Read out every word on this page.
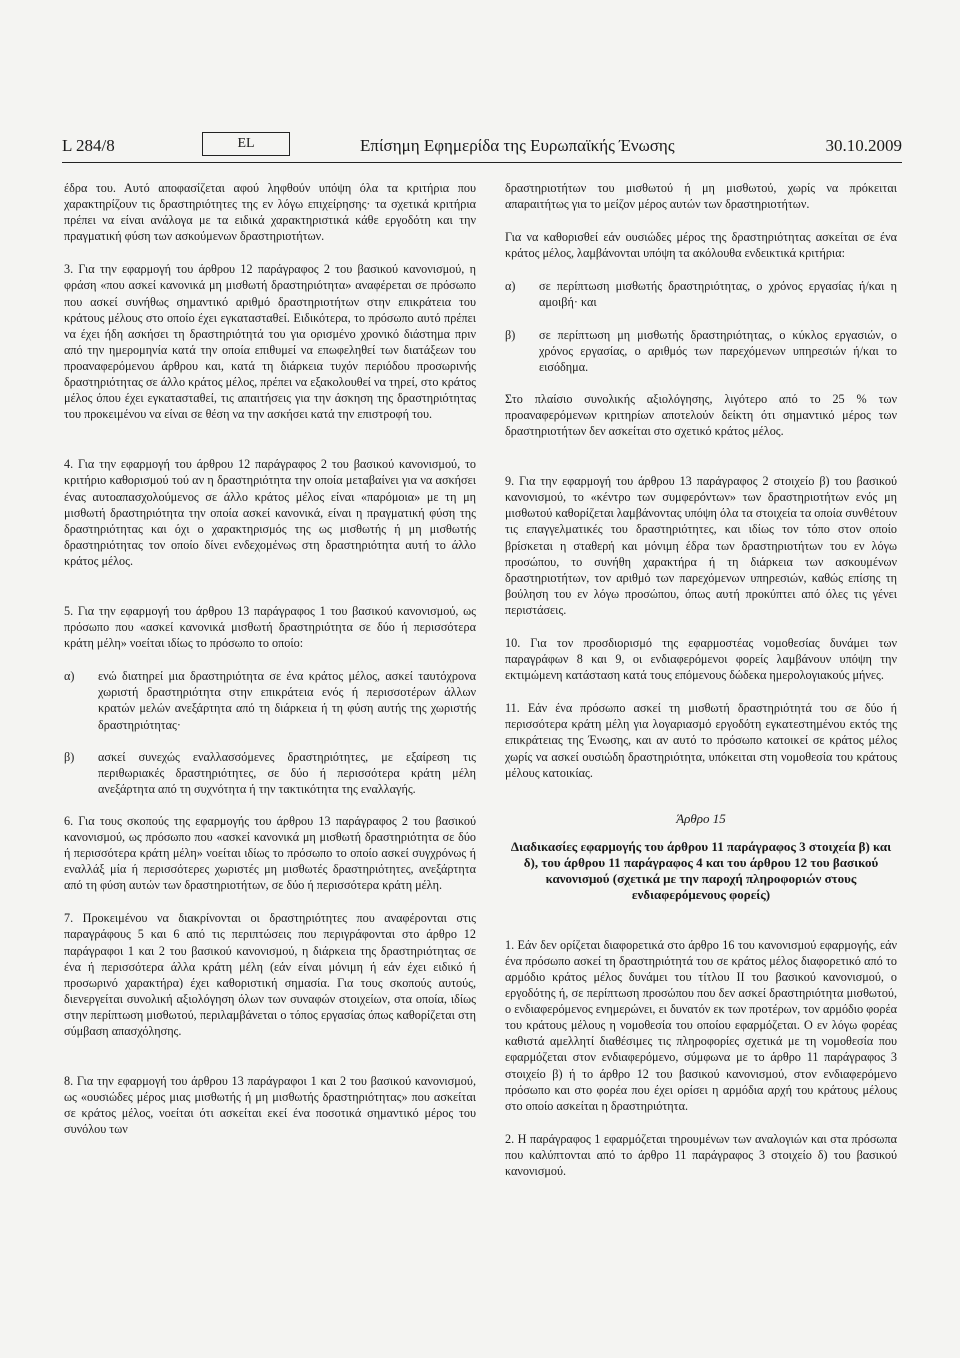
L 284/8	EL	Επίσημη Εφημερίδα της Ευρωπαϊκής Ένωσης	30.10.2009

έδρα του. Αυτό αποφασίζεται αφού ληφθούν υπόψη όλα τα κριτήρια που χαρακτηρίζουν τις δραστηριότητες της εν λόγω επιχείρησης· τα σχετικά κριτήρια πρέπει να είναι ανάλογα με τα ειδικά χαρακτηριστικά κάθε εργοδότη και την πραγματική φύση των ασκούμενων δραστηριοτήτων.

3. Για την εφαρμογή του άρθρου 12 παράγραφος 2 του βασικού κανονισμού, η φράση «που ασκεί κανονικά μη μισθωτή δραστηριότητα» αναφέρεται σε πρόσωπο που ασκεί συνήθως σημαντικό αριθμό δραστηριοτήτων στην επικράτεια του κράτους μέλους στο οποίο έχει εγκατασταθεί. Ειδικότερα, το πρόσωπο αυτό πρέπει να έχει ήδη ασκήσει τη δραστηριότητά του για ορισμένο χρονικό διάστημα πριν από την ημερομηνία κατά την οποία επιθυμεί να επωφεληθεί των διατάξεων του προαναφερόμενου άρθρου και, κατά τη διάρκεια τυχόν περιόδου προσωρινής δραστηριότητας σε άλλο κράτος μέλος, πρέπει να εξακολουθεί να τηρεί, στο κράτος μέλος όπου έχει εγκατασταθεί, τις απαιτήσεις για την άσκηση της δραστηριότητας του προκειμένου να είναι σε θέση να την ασκήσει κατά την επιστροφή του.

4. Για την εφαρμογή του άρθρου 12 παράγραφος 2 του βασικού κανονισμού, το κριτήριο καθορισμού τού αν η δραστηριότητα την οποία μεταβαίνει για να ασκήσει ένας αυτοαπασχολούμενος σε άλλο κράτος μέλος είναι «παρόμοια» με τη μη μισθωτή δραστηριότητα την οποία ασκεί κανονικά, είναι η πραγματική φύση της δραστηριότητας και όχι ο χαρακτηρισμός της ως μισθωτής ή μη μισθωτής δραστηριότητας τον οποίο δίνει ενδεχομένως στη δραστηριότητα αυτή το άλλο κράτος μέλος.

5. Για την εφαρμογή του άρθρου 13 παράγραφος 1 του βασικού κανονισμού, ως πρόσωπο που «ασκεί κανονικά μισθωτή δραστηριότητα σε δύο ή περισσότερα κράτη μέλη» νοείται ιδίως το πρόσωπο το οποίο:

α)	ενώ διατηρεί μια δραστηριότητα σε ένα κράτος μέλος, ασκεί ταυτόχρονα χωριστή δραστηριότητα στην επικράτεια ενός ή περισσοτέρων άλλων κρατών μελών ανεξάρτητα από τη διάρκεια ή τη φύση αυτής της χωριστής δραστηριότητας·
β)	ασκεί συνεχώς εναλλασσόμενες δραστηριότητες, με εξαίρεση τις περιθωριακές δραστηριότητες, σε δύο ή περισσότερα κράτη μέλη ανεξάρτητα από τη συχνότητα ή την τακτικότητα της εναλλαγής.

6. Για τους σκοπούς της εφαρμογής του άρθρου 13 παράγραφος 2 του βασικού κανονισμού, ως πρόσωπο που «ασκεί κανονικά μη μισθωτή δραστηριότητα σε δύο ή περισσότερα κράτη μέλη» νοείται ιδίως το πρόσωπο το οποίο ασκεί συγχρόνως ή εναλλάξ μία ή περισσότερες χωριστές μη μισθωτές δραστηριότητες, ανεξάρτητα από τη φύση αυτών των δραστηριοτήτων, σε δύο ή περισσότερα κράτη μέλη.

7. Προκειμένου να διακρίνονται οι δραστηριότητες που αναφέρονται στις παραγράφους 5 και 6 από τις περιπτώσεις που περιγράφονται στο άρθρο 12 παράγραφοι 1 και 2 του βασικού κανονισμού, η διάρκεια της δραστηριότητας σε ένα ή περισσότερα άλλα κράτη μέλη (εάν είναι μόνιμη ή εάν έχει ειδικό ή προσωρινό χαρακτήρα) έχει καθοριστική σημασία. Για τους σκοπούς αυτούς, διενεργείται συνολική αξιολόγηση όλων των συναφών στοιχείων, στα οποία, ιδίως στην περίπτωση μισθωτού, περιλαμβάνεται ο τόπος εργασίας όπως καθορίζεται στη σύμβαση απασχόλησης.

8. Για την εφαρμογή του άρθρου 13 παράγραφοι 1 και 2 του βασικού κανονισμού, ως «ουσιώδες μέρος μιας μισθωτής ή μη μισθωτής δραστηριότητας» που ασκείται σε κράτος μέλος, νοείται ότι ασκείται εκεί ένα ποσοτικά σημαντικό μέρος του συνόλου των

δραστηριοτήτων του μισθωτού ή μη μισθωτού, χωρίς να πρόκειται απαραιτήτως για το μείζον μέρος αυτών των δραστηριοτήτων.

Για να καθορισθεί εάν ουσιώδες μέρος της δραστηριότητας ασκείται σε ένα κράτος μέλος, λαμβάνονται υπόψη τα ακόλουθα ενδεικτικά κριτήρια:

α)	σε περίπτωση μισθωτής δραστηριότητας, ο χρόνος εργασίας ή/και η αμοιβή· και
β)	σε περίπτωση μη μισθωτής δραστηριότητας, ο κύκλος εργασιών, ο χρόνος εργασίας, ο αριθμός των παρεχόμενων υπηρεσιών ή/και το εισόδημα.

Στο πλαίσιο συνολικής αξιολόγησης, λιγότερο από το 25 % των προαναφερόμενων κριτηρίων αποτελούν δείκτη ότι σημαντικό μέρος των δραστηριοτήτων δεν ασκείται στο σχετικό κράτος μέλος.

9. Για την εφαρμογή του άρθρου 13 παράγραφος 2 στοιχείο β) του βασικού κανονισμού, το «κέντρο των συμφερόντων» των δραστηριοτήτων ενός μη μισθωτού καθορίζεται λαμβάνοντας υπόψη όλα τα στοιχεία τα οποία συνθέτουν τις επαγγελματικές του δραστηριότητες, και ιδίως τον τόπο στον οποίο βρίσκεται η σταθερή και μόνιμη έδρα των δραστηριοτήτων του εν λόγω προσώπου, το συνήθη χαρακτήρα ή τη διάρκεια των ασκουμένων δραστηριοτήτων, τον αριθμό των παρεχόμενων υπηρεσιών, καθώς επίσης τη βούληση του εν λόγω προσώπου, όπως αυτή προκύπτει από όλες τις γένει περιστάσεις.

10. Για τον προσδιορισμό της εφαρμοστέας νομοθεσίας δυνάμει των παραγράφων 8 και 9, οι ενδιαφερόμενοι φορείς λαμβάνουν υπόψη την εκτιμώμενη κατάσταση κατά τους επόμενους δώδεκα ημερολογιακούς μήνες.

11. Εάν ένα πρόσωπο ασκεί τη μισθωτή δραστηριότητά του σε δύο ή περισσότερα κράτη μέλη για λογαριασμό εργοδότη εγκατεστημένου εκτός της επικράτειας της Ένωσης, και αν αυτό το πρόσωπο κατοικεί σε κράτος μέλος χωρίς να ασκεί ουσιώδη δραστηριότητα, υπόκειται στη νομοθεσία του κράτους μέλους κατοικίας.

Άρθρο 15
Διαδικασίες εφαρμογής του άρθρου 11 παράγραφος 3 στοιχεία β) και δ), του άρθρου 11 παράγραφος 4 και του άρθρου 12 του βασικού κανονισμού (σχετικά με την παροχή πληροφοριών στους ενδιαφερόμενους φορείς)

1. Εάν δεν ορίζεται διαφορετικά στο άρθρο 16 του κανονισμού εφαρμογής, εάν ένα πρόσωπο ασκεί τη δραστηριότητά του σε κράτος μέλος διαφορετικό από το αρμόδιο κράτος μέλος δυνάμει του τίτλου II του βασικού κανονισμού, ο εργοδότης ή, σε περίπτωση προσώπου που δεν ασκεί δραστηριότητα μισθωτού, ο ενδιαφερόμενος ενημερώνει, ει δυνατόν εκ των προτέρων, τον αρμόδιο φορέα του κράτους μέλους η νομοθεσία του οποίου εφαρμόζεται. Ο εν λόγω φορέας καθιστά αμελλητί διαθέσιμες τις πληροφορίες σχετικά με τη νομοθεσία που εφαρμόζεται στον ενδιαφερόμενο, σύμφωνα με το άρθρο 11 παράγραφος 3 στοιχείο β) ή το άρθρο 12 του βασικού κανονισμού, στον ενδιαφερόμενο πρόσωπο και στο φορέα που έχει ορίσει η αρμόδια αρχή του κράτους μέλους στο οποίο ασκείται η δραστηριότητα.

2. Η παράγραφος 1 εφαρμόζεται τηρουμένων των αναλογιών και στα πρόσωπα που καλύπτονται από το άρθρο 11 παράγραφος 3 στοιχείο δ) του βασικού κανονισμού.
